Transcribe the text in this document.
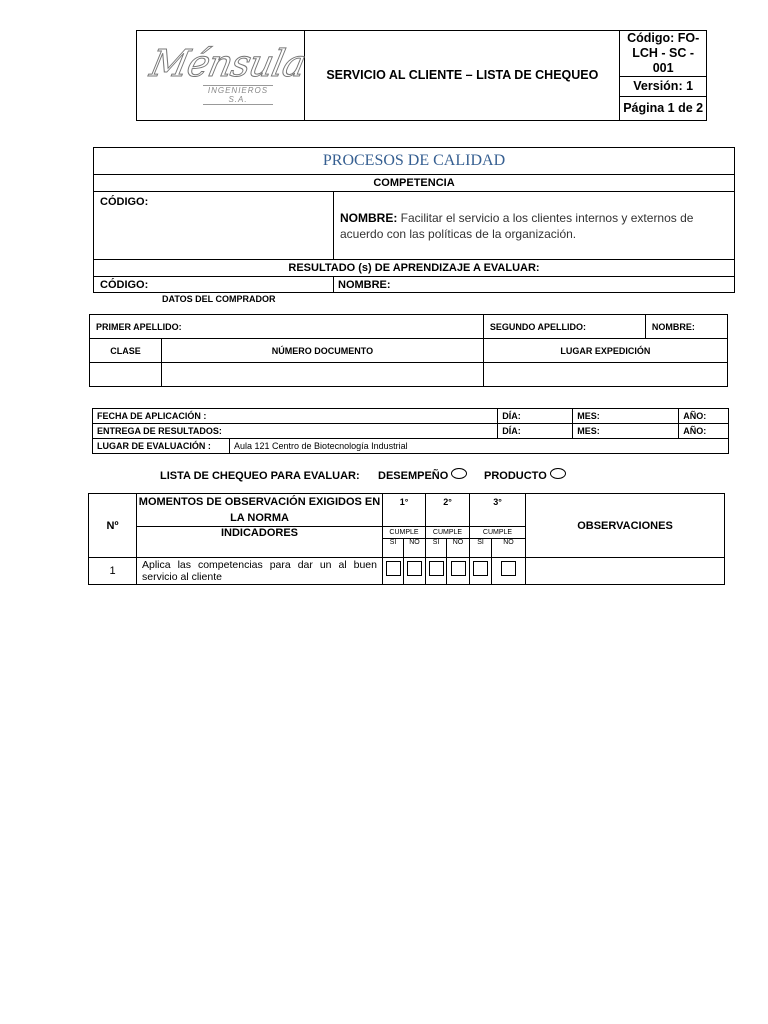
Ménsula
INGENIEROS S.A.
	SERVICIO AL CLIENTE – LISTA DE CHEQUEO	Código: FO-LCH - SC - 001
Versión: 1
Página 1 de 2
PROCESOS DE CALIDAD	
COMPETENCIA	
CÓDIGO:	NOMBRE: Facilitar el servicio a los clientes internos y externos de acuerdo con las políticas de la organización.
RESULTADO (s) DE APRENDIZAJE A EVALUAR:	
CÓDIGO:	NOMBRE:
DATOS DEL COMPRADOR
PRIMER APELLIDO:		SEGUNDO APELLIDO:	NOMBRE:
CLASE	NÚMERO DOCUMENTO	LUGAR EXPEDICIÓN	

FECHA DE APLICACIÓN :		DÍA:	MES:	AÑO:
ENTREGA DE RESULTADOS:		DÍA:	MES:	AÑO:
LUGAR DE EVALUACIÓN :	Aula 121 Centro de Biotecnología Industrial			
LISTA DE CHEQUEO PARA EVALUAR: DESEMPEÑO	PRODUCTO
Nº	MOMENTOS DE OBSERVACIÓN EXIGIDOS EN LA NORMA	1°		2°		3°		OBSERVACIONES
	INDICADORES	CUMPLE		CUMPLE		CUMPLE		
		SI	NO	SI	NO	SI	NO	
1	Aplica las competencias para dar un al buen servicio al cliente							
